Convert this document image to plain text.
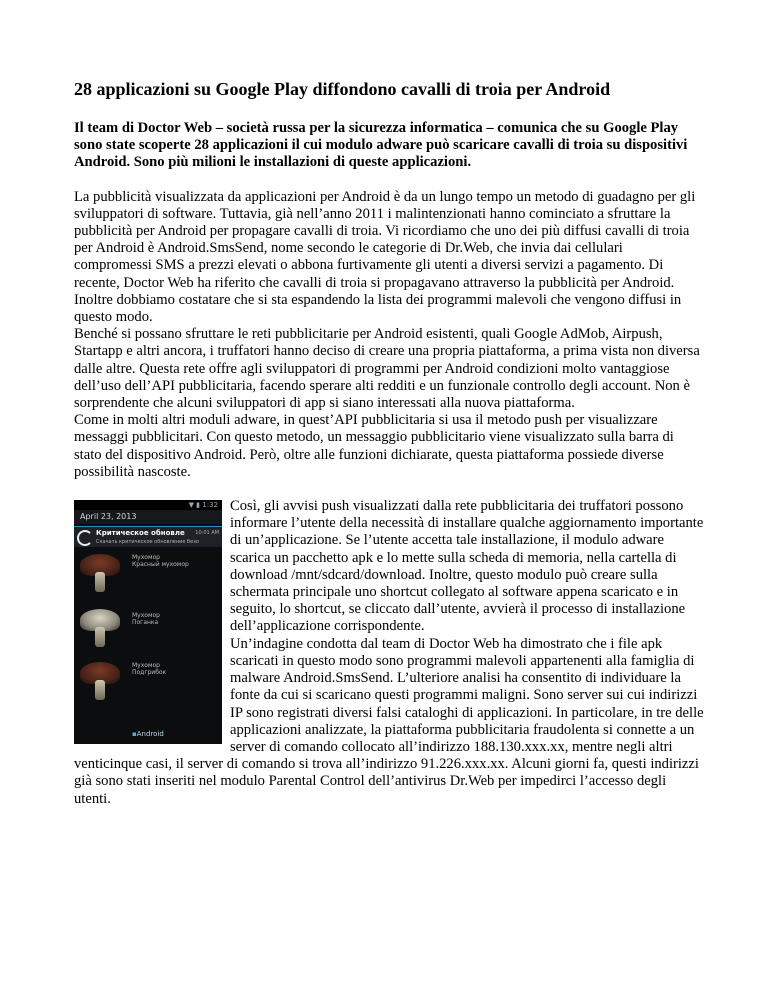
28 applicazioni su Google Play diffondono cavalli di troia per Android

Il team di Doctor Web – società russa per la sicurezza informatica – comunica che su Google Play sono state scoperte 28 applicazioni il cui modulo adware può scaricare cavalli di troia su dispositivi Android. Sono più milioni le installazioni di queste applicazioni.

La pubblicità visualizzata da applicazioni per Android è da un lungo tempo un metodo di guadagno per gli sviluppatori di software. Tuttavia, già nell’anno 2011 i malintenzionati hanno cominciato a sfruttare la pubblicità per Android per propagare cavalli di troia. Vi ricordiamo che uno dei più diffusi cavalli di troia per Android è Android.SmsSend, nome secondo le categorie di Dr.Web, che invia dai cellulari compromessi SMS a prezzi elevati o abbona furtivamente gli utenti a diversi servizi a pagamento. Di recente, Doctor Web ha riferito che cavalli di troia si propagavano attraverso la pubblicità per Android. Inoltre dobbiamo costatare che si sta espandendo la lista dei programmi malevoli che vengono diffusi in questo modo.

Benché si possano sfruttare le reti pubblicitarie per Android esistenti, quali Google AdMob, Airpush, Startapp e altri ancora, i truffatori hanno deciso di creare una propria piattaforma, a prima vista non diversa dalle altre. Questa rete offre agli sviluppatori di programmi per Android condizioni molto vantaggiose dell’uso dell’API pubblicitaria, facendo sperare alti redditi e un funzionale controllo degli account. Non è sorprendente che alcuni sviluppatori di app si siano interessati alla nuova piattaforma.

Come in molti altri moduli adware, in quest’API pubblicitaria si usa il metodo push per visualizzare messaggi pubblicitari. Con questo metodo, un messaggio pubblicitario viene visualizzato sulla barra di stato del dispositivo Android. Però, oltre alle funzioni dichiarate, questa piattaforma possiede diverse possibilità nascoste.

▼ ▮ 1:32
April 23, 2013
Критическое обновле 10:01 AM
Скачать критическое обновление безо
Мухомор
Красный мухомор
Мухомор
Поганка
Мухомор
Подгрибок
▪Android

Così, gli avvisi push visualizzati dalla rete pubblicitaria dei truffatori possono informare l’utente della necessità di installare qualche aggiornamento importante di un’applicazione. Se l’utente accetta tale installazione, il modulo adware scarica un pacchetto apk e lo mette sulla scheda di memoria, nella cartella di download /mnt/sdcard/download. Inoltre, questo modulo può creare sulla schermata principale uno shortcut collegato al software appena scaricato e in seguito, lo shortcut, se cliccato dall’utente, avvierà il processo di installazione dell’applicazione corrispondente.

Un’indagine condotta dal team di Doctor Web ha dimostrato che i file apk scaricati in questo modo sono programmi malevoli appartenenti alla famiglia di malware Android.SmsSend. L’ulteriore analisi ha consentito di individuare la fonte da cui si scaricano questi programmi maligni. Sono server sui cui indirizzi IP sono registrati diversi falsi cataloghi di applicazioni. In particolare, in tre delle applicazioni analizzate, la piattaforma pubblicitaria fraudolenta si connette a un server di comando collocato all’indirizzo 188.130.xxx.xx, mentre negli altri venticinque casi, il server di comando si trova all’indirizzo 91.226.xxx.xx. Alcuni giorni fa, questi indirizzi già sono stati inseriti nel modulo Parental Control dell’antivirus Dr.Web per impedirci l’accesso degli utenti.
